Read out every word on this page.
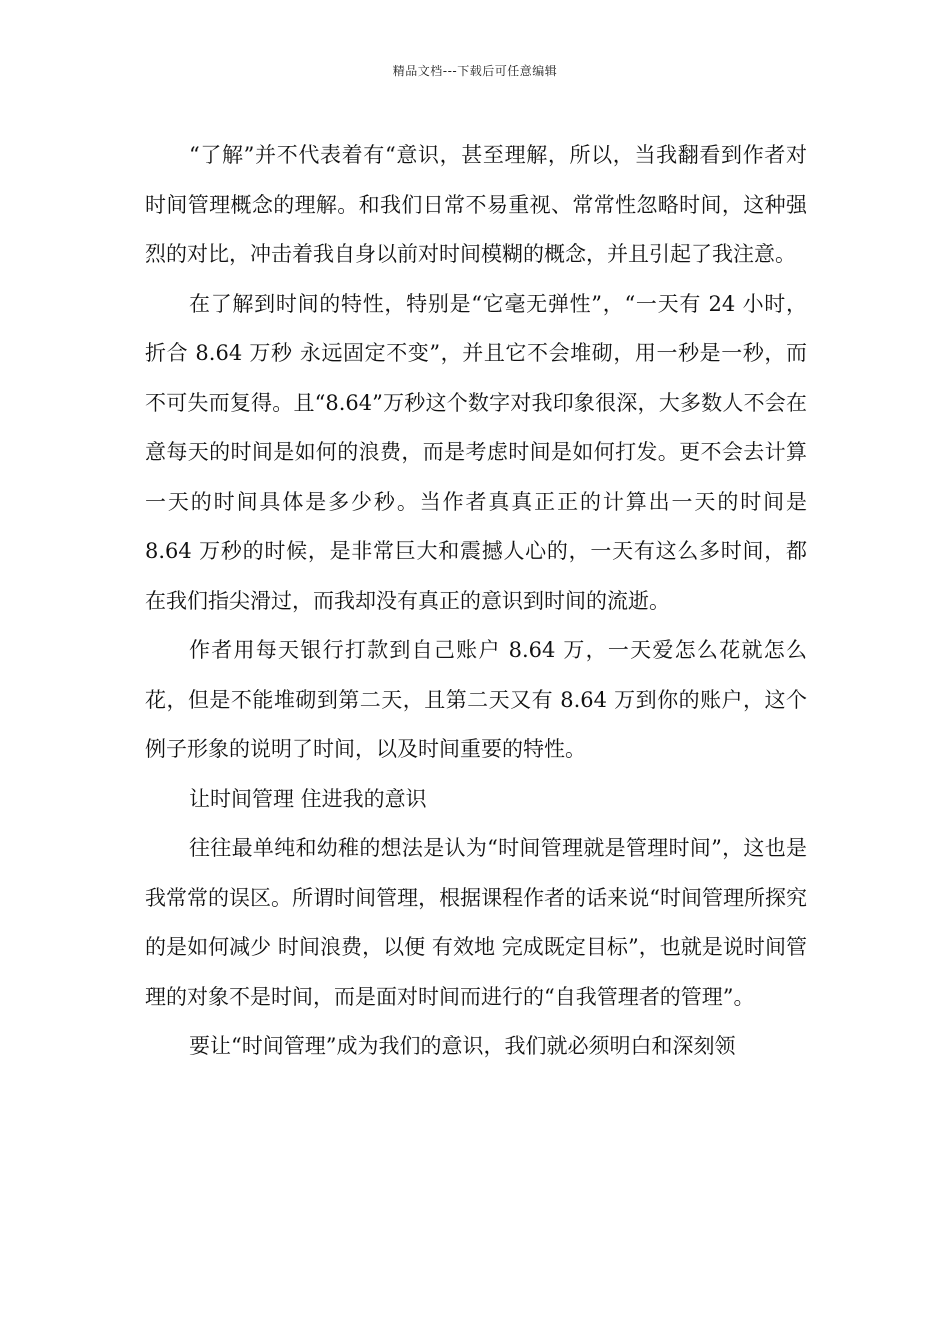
精品文档---下载后可任意编辑

“了解”并不代表着有“意识，甚至理解，所以，当我翻看到作者对时间管理概念的理解。和我们日常不易重视、常常性忽略时间，这种强烈的对比，冲击着我自身以前对时间模糊的概念，并且引起了我注意。

在了解到时间的特性，特别是“它毫无弹性”，“一天有 24 小时，折合 8.64 万秒 永远固定不变”，并且它不会堆砌，用一秒是一秒，而不可失而复得。且“8.64”万秒这个数字对我印象很深，大多数人不会在意每天的时间是如何的浪费，而是考虑时间是如何打发。更不会去计算一天的时间具体是多少秒。当作者真真正正的计算出一天的时间是 8.64 万秒的时候，是非常巨大和震撼人心的，一天有这么多时间，都在我们指尖滑过，而我却没有真正的意识到时间的流逝。

作者用每天银行打款到自己账户 8.64 万，一天爱怎么花就怎么花，但是不能堆砌到第二天，且第二天又有 8.64 万到你的账户，这个例子形象的说明了时间，以及时间重要的特性。

让时间管理 住进我的意识

往往最单纯和幼稚的想法是认为“时间管理就是管理时间”，这也是我常常的误区。所谓时间管理，根据课程作者的话来说“时间管理所探究的是如何减少 时间浪费，以便 有效地 完成既定目标”，也就是说时间管理的对象不是时间，而是面对时间而进行的“自我管理者的管理”。

要让“时间管理”成为我们的意识，我们就必须明白和深刻领
